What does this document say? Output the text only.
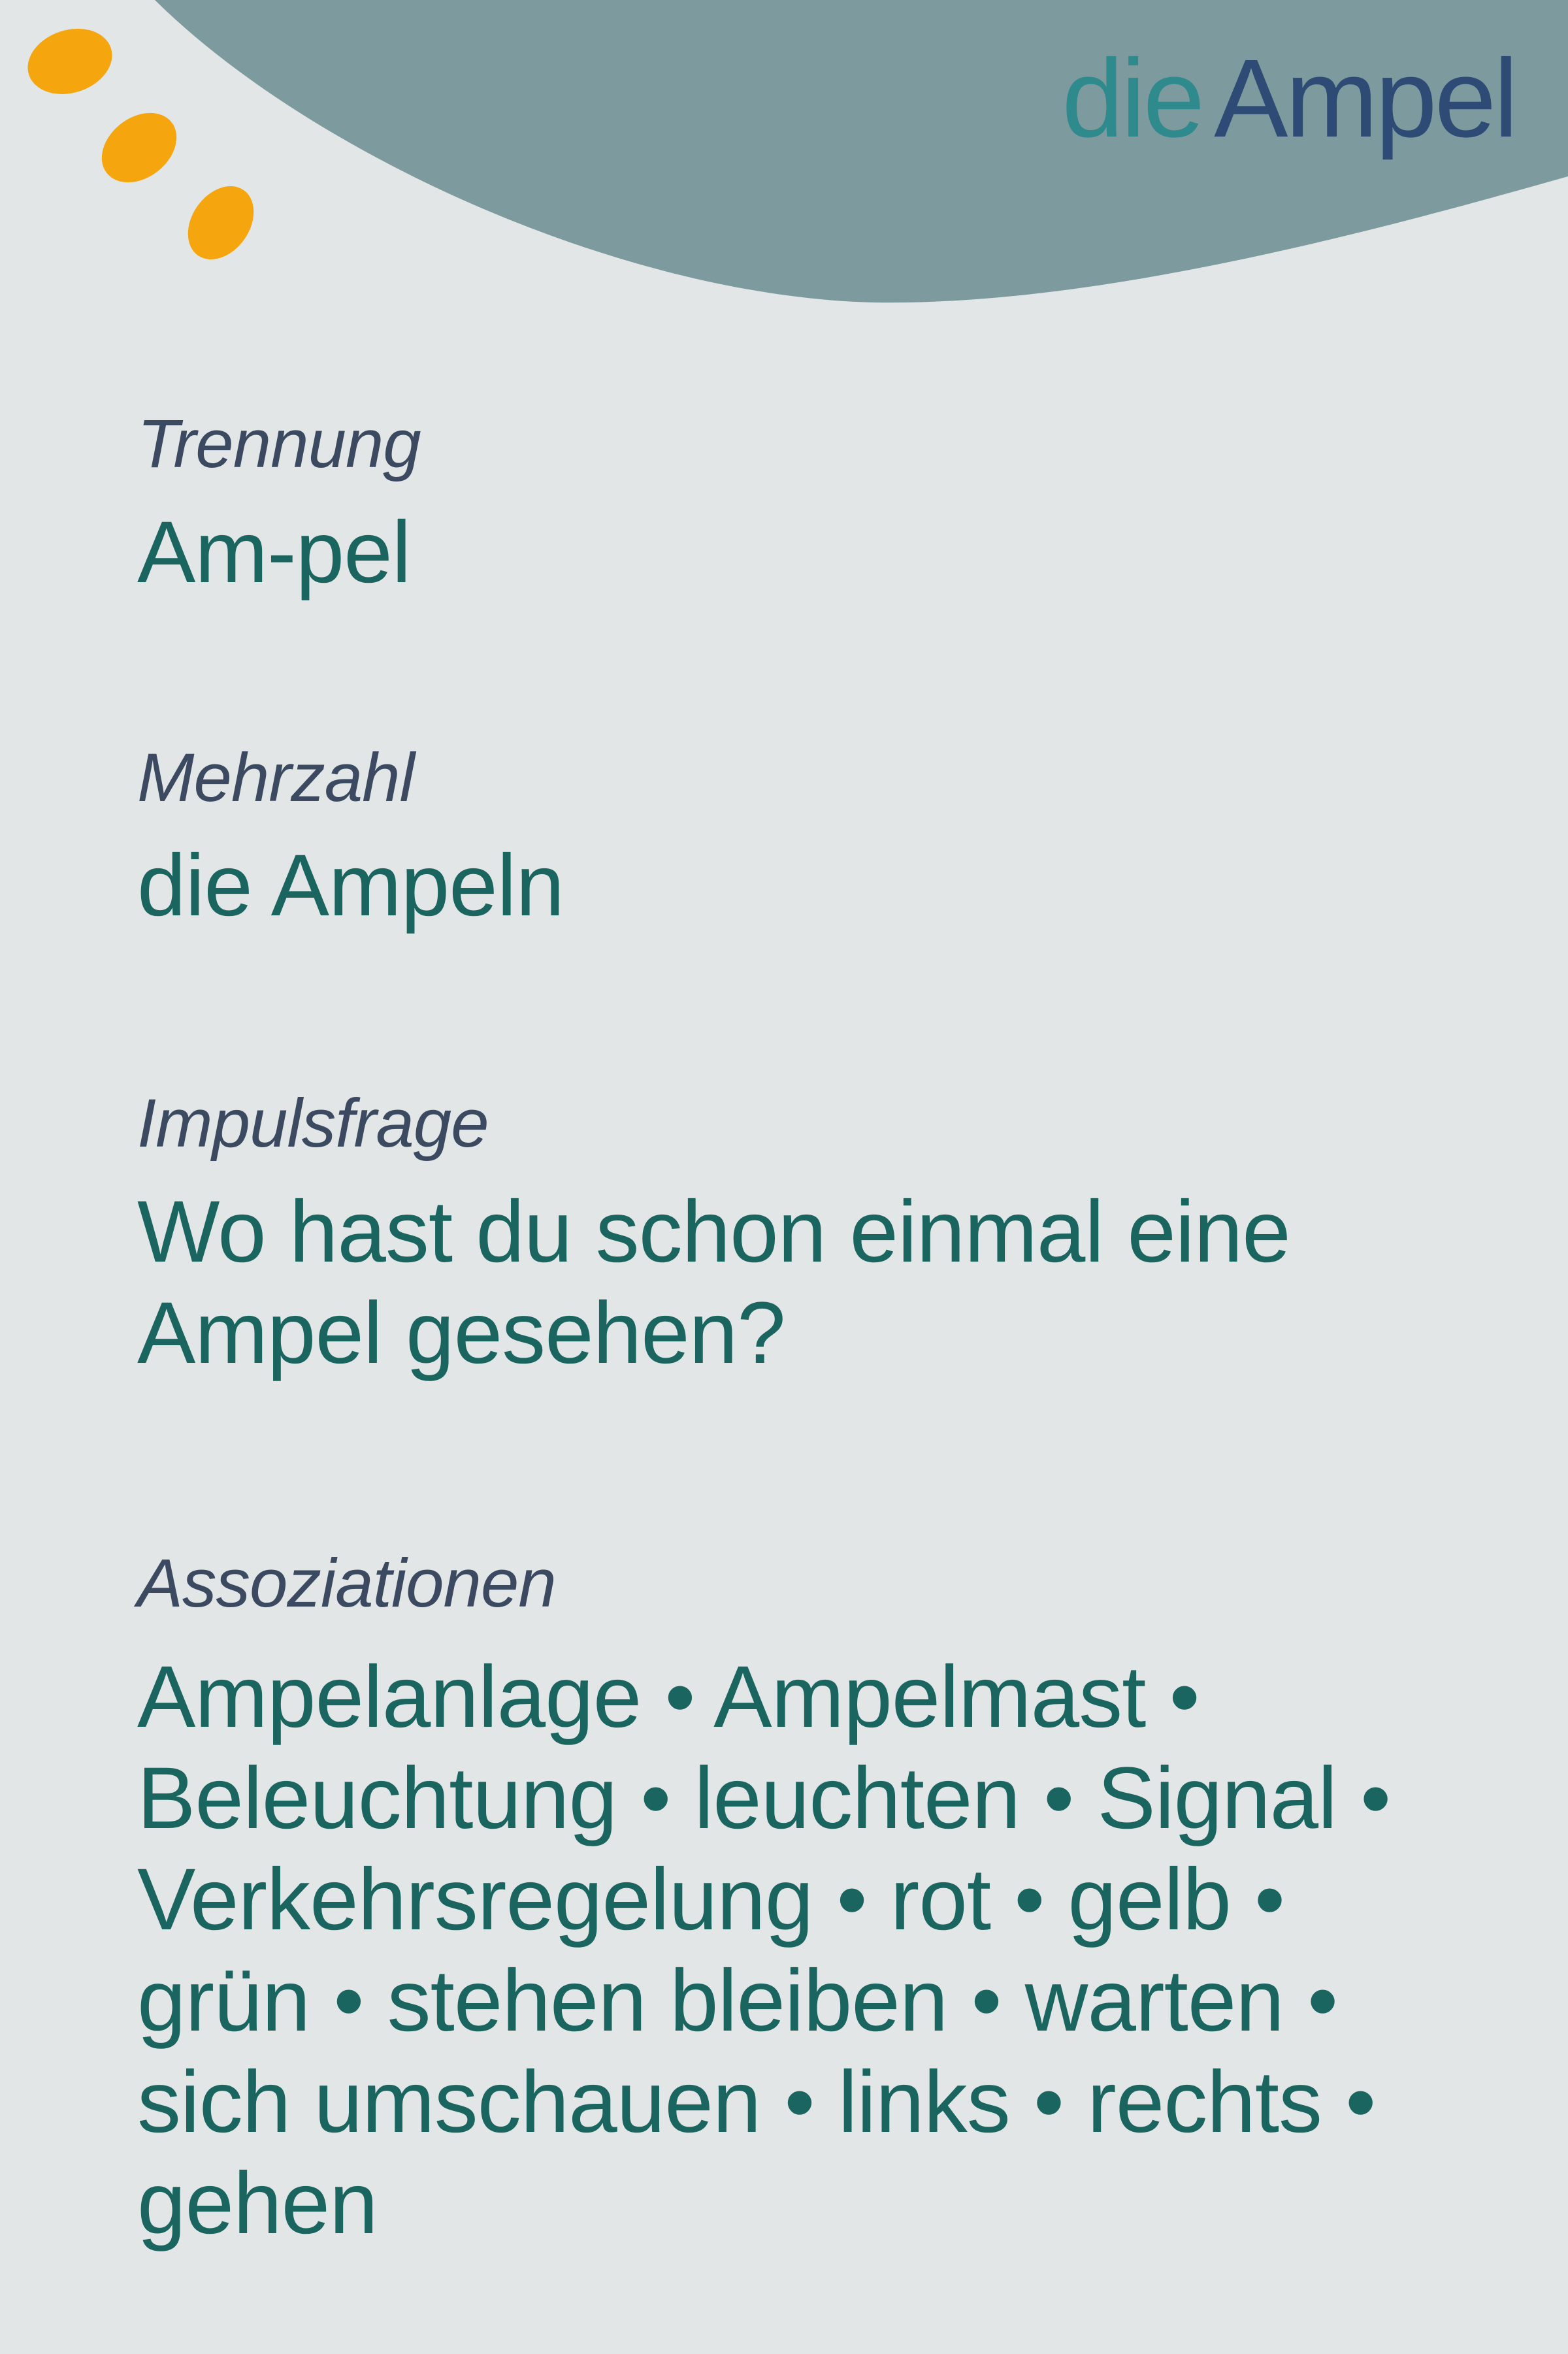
die Ampel
Trennung
Am-pel
Mehrzahl
die Ampeln
Impulsfrage
Wo hast du schon einmal eine
Ampel gesehen?
Assoziationen
Ampelanlage • Ampelmast •
Beleuchtung • leuchten • Signal •
Verkehrsregelung • rot • gelb •
grün • stehen bleiben • warten •
sich umschauen • links • rechts •
gehen
